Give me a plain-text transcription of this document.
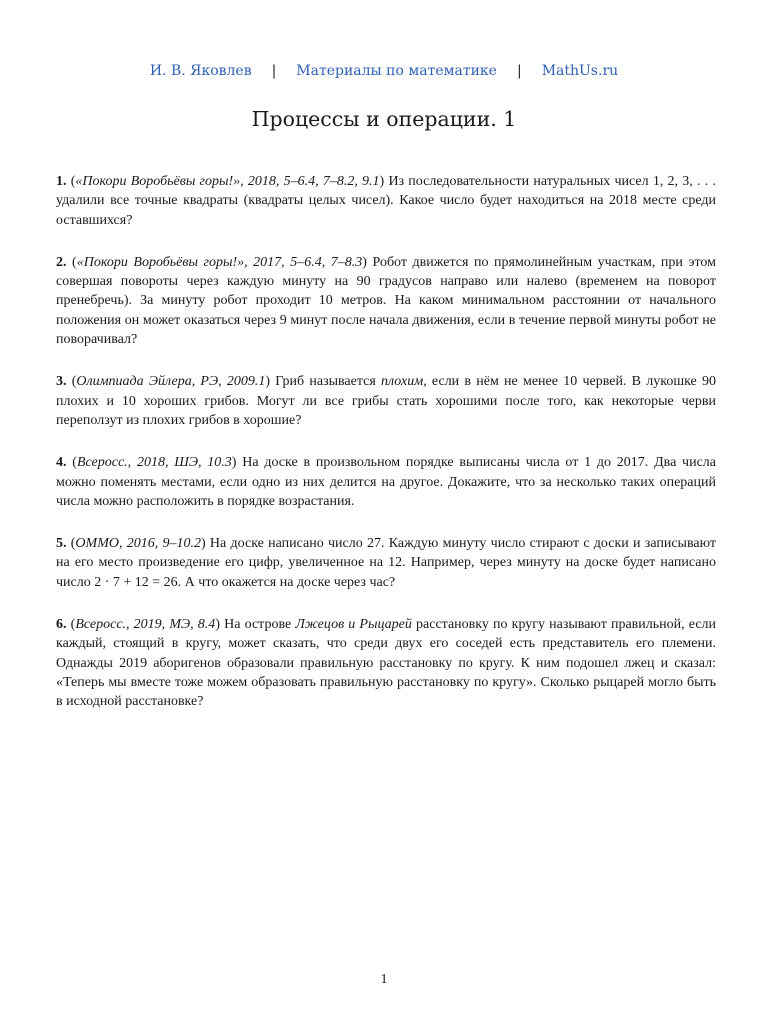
И. В. Яковлев | Материалы по математике | MathUs.ru
Процессы и операции. 1

1. («Покори Воробьёвы горы!», 2018, 5–6.4, 7–8.2, 9.1) Из последовательности натуральных чисел 1, 2, 3, . . . удалили все точные квадраты (квадраты целых чисел). Какое число будет находиться на 2018 месте среди оставшихся?

2. («Покори Воробьёвы горы!», 2017, 5–6.4, 7–8.3) Робот движется по прямолинейным участкам, при этом совершая повороты через каждую минуту на 90 градусов направо или налево (временем на поворот пренебречь). За минуту робот проходит 10 метров. На каком минимальном расстоянии от начального положения он может оказаться через 9 минут после начала движения, если в течение первой минуты робот не поворачивал?

3. (Олимпиада Эйлера, РЭ, 2009.1) Гриб называется плохим, если в нём не менее 10 червей. В лукошке 90 плохих и 10 хороших грибов. Могут ли все грибы стать хорошими после того, как некоторые черви переползут из плохих грибов в хорошие?

4. (Всеросс., 2018, ШЭ, 10.3) На доске в произвольном порядке выписаны числа от 1 до 2017. Два числа можно поменять местами, если одно из них делится на другое. Докажите, что за несколько таких операций числа можно расположить в порядке возрастания.

5. (ОММО, 2016, 9–10.2) На доске написано число 27. Каждую минуту число стирают с доски и записывают на его место произведение его цифр, увеличенное на 12. Например, через минуту на доске будет написано число 2 · 7 + 12 = 26. А что окажется на доске через час?

6. (Всеросс., 2019, МЭ, 8.4) На острове Лжецов и Рыцарей расстановку по кругу называют правильной, если каждый, стоящий в кругу, может сказать, что среди двух его соседей есть представитель его племени. Однажды 2019 аборигенов образовали правильную расстановку по кругу. К ним подошел лжец и сказал: «Теперь мы вместе тоже можем образовать правильную расстановку по кругу». Сколько рыцарей могло быть в исходной расстановке?

1
